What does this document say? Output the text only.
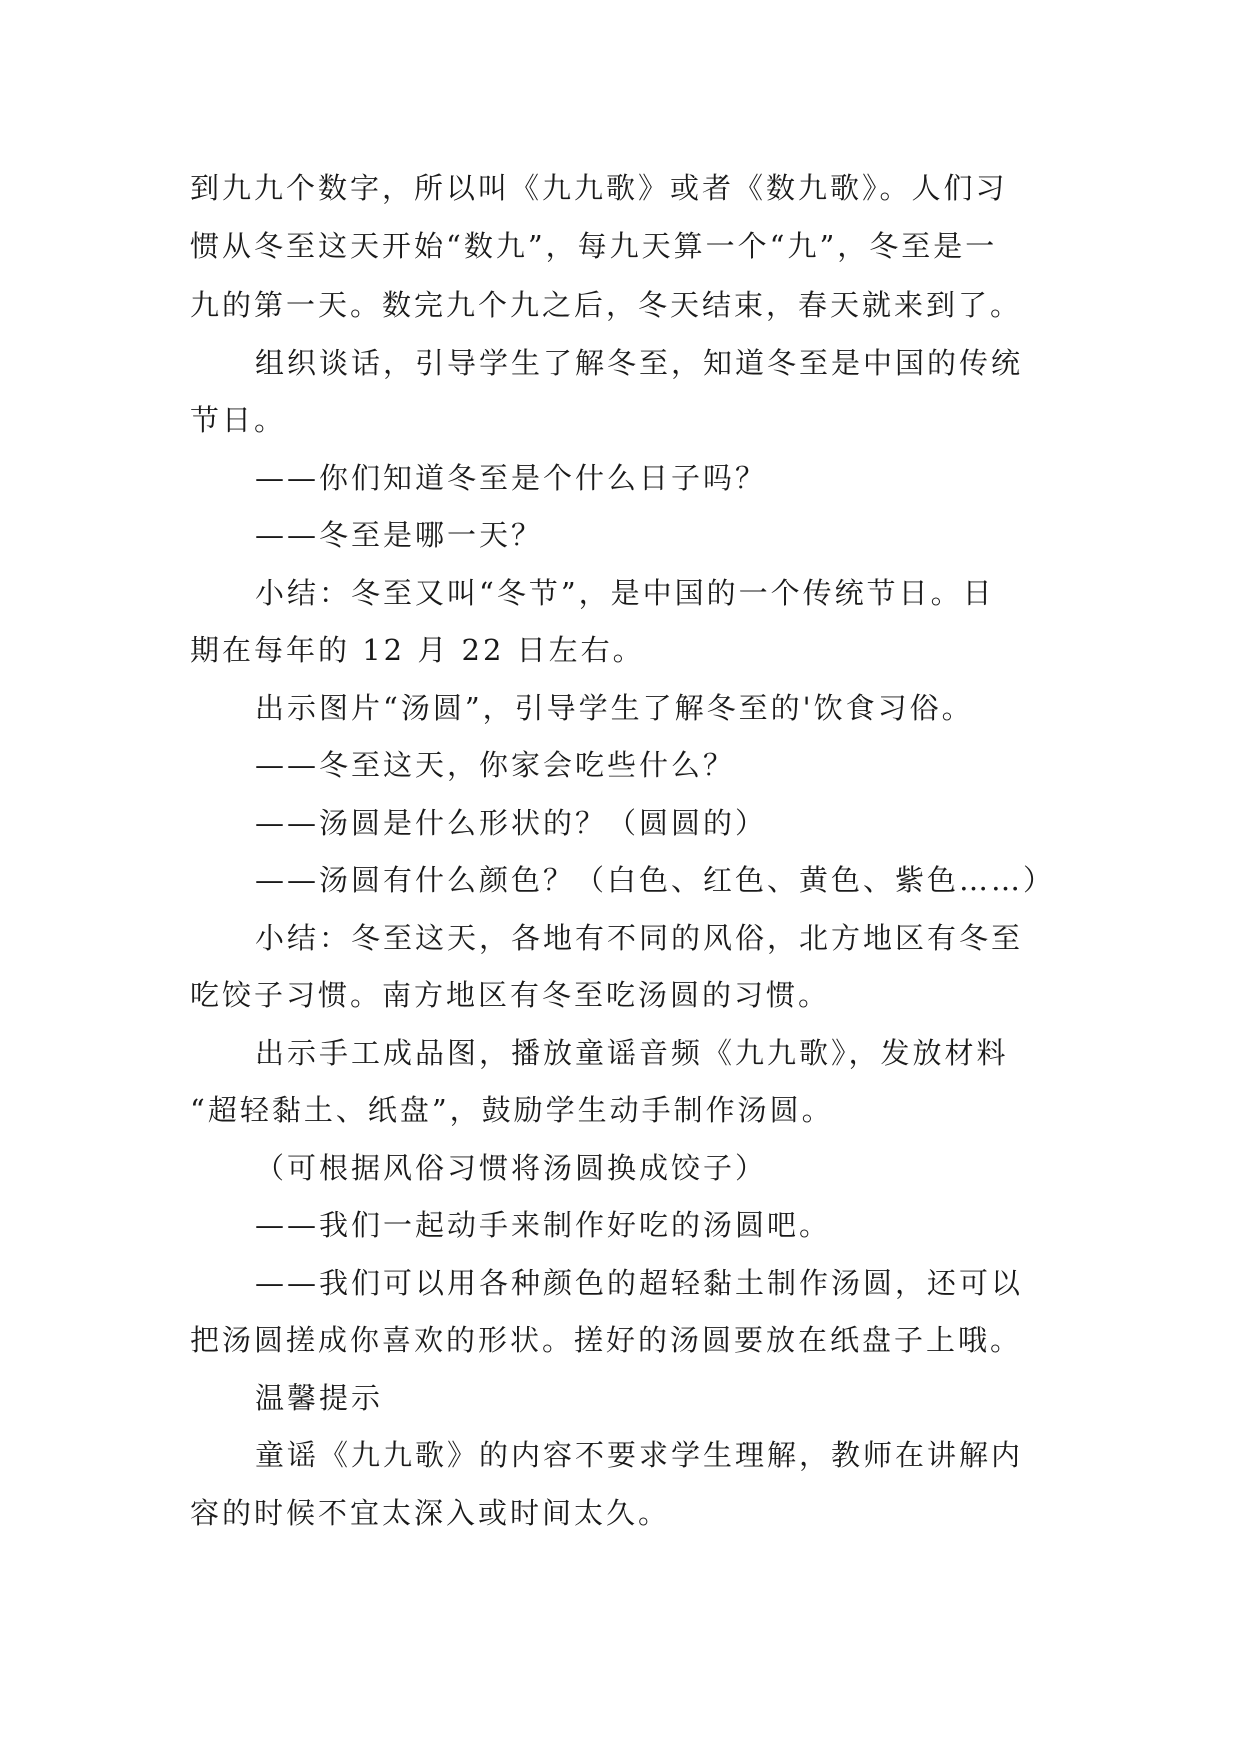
到九九个数字，所以叫《九九歌》或者《数九歌》。人们习
惯从冬至这天开始“数九”，每九天算一个“九”，冬至是一
九的第一天。数完九个九之后，冬天结束，春天就来到了。
组织谈话，引导学生了解冬至，知道冬至是中国的传统
节日。
——你们知道冬至是个什么日子吗？
——冬至是哪一天？
小结：冬至又叫“冬节”，是中国的一个传统节日。日
期在每年的 12 月 22 日左右。
出示图片“汤圆”，引导学生了解冬至的'饮食习俗。
——冬至这天，你家会吃些什么？
——汤圆是什么形状的？（圆圆的）
——汤圆有什么颜色？（白色、红色、黄色、紫色……）
小结：冬至这天，各地有不同的风俗，北方地区有冬至
吃饺子习惯。南方地区有冬至吃汤圆的习惯。
出示手工成品图，播放童谣音频《九九歌》，发放材料
“超轻黏土、纸盘”，鼓励学生动手制作汤圆。
（可根据风俗习惯将汤圆换成饺子）
——我们一起动手来制作好吃的汤圆吧。
——我们可以用各种颜色的超轻黏土制作汤圆，还可以
把汤圆搓成你喜欢的形状。搓好的汤圆要放在纸盘子上哦。
温馨提示
童谣《九九歌》的内容不要求学生理解，教师在讲解内
容的时候不宜太深入或时间太久。
